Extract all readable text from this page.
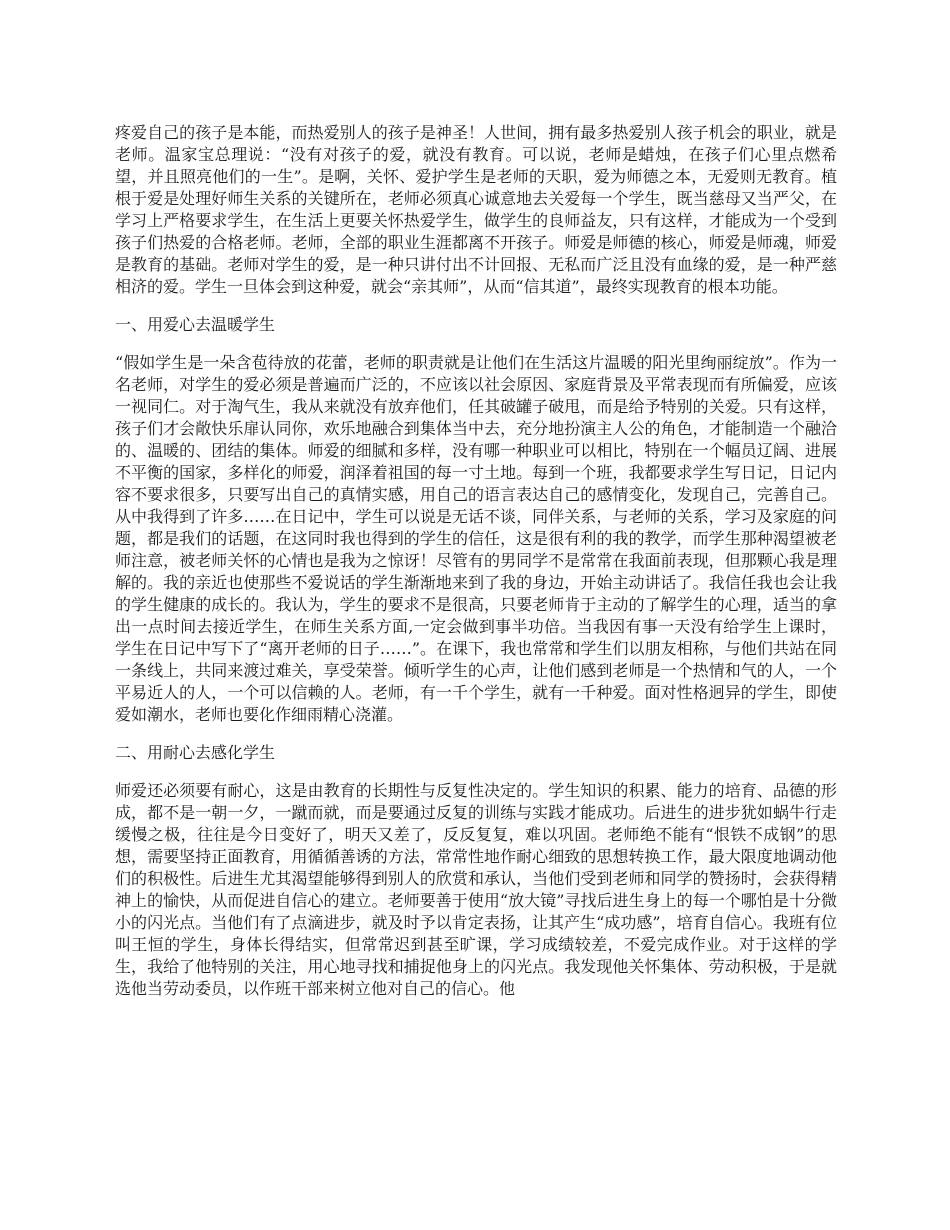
疼爱自己的孩子是本能，而热爱别人的孩子是神圣！人世间，拥有最多热爱别人孩子机会的职业，就是老师。温家宝总理说：“没有对孩子的爱，就没有教育。可以说，老师是蜡烛，在孩子们心里点燃希望，并且照亮他们的一生”。是啊，关怀、爱护学生是老师的天职，爱为师德之本，无爱则无教育。植根于爱是处理好师生关系的关键所在，老师必须真心诚意地去关爱每一个学生，既当慈母又当严父，在学习上严格要求学生，在生活上更要关怀热爱学生，做学生的良师益友，只有这样，才能成为一个受到孩子们热爱的合格老师。老师，全部的职业生涯都离不开孩子。师爱是师德的核心，师爱是师魂，师爱是教育的基础。老师对学生的爱，是一种只讲付出不计回报、无私而广泛且没有血缘的爱，是一种严慈相济的爱。学生一旦体会到这种爱，就会“亲其师”，从而“信其道”，最终实现教育的根本功能。

一、用爱心去温暖学生

“假如学生是一朵含苞待放的花蕾，老师的职责就是让他们在生活这片温暖的阳光里绚丽绽放”。作为一名老师，对学生的爱必须是普遍而广泛的，不应该以社会原因、家庭背景及平常表现而有所偏爱，应该一视同仁。对于淘气生，我从来就没有放弃他们，任其破罐子破甩，而是给予特别的关爱。只有这样，孩子们才会敞快乐扉认同你，欢乐地融合到集体当中去，充分地扮演主人公的角色，才能制造一个融洽的、温暖的、团结的集体。师爱的细腻和多样，没有哪一种职业可以相比，特别在一个幅员辽阔、进展不平衡的国家，多样化的师爱，润泽着祖国的每一寸土地。每到一个班，我都要求学生写日记，日记内容不要求很多，只要写出自己的真情实感，用自己的语言表达自己的感情变化，发现自己，完善自己。从中我得到了许多……在日记中，学生可以说是无话不谈，同伴关系，与老师的关系，学习及家庭的问题，都是我们的话题，在这同时我也得到的学生的信任，这是很有利的我的教学，而学生那种渴望被老师注意，被老师关怀的心情也是我为之惊讶！尽管有的男同学不是常常在我面前表现，但那颗心我是理解的。我的亲近也使那些不爱说话的学生渐渐地来到了我的身边，开始主动讲话了。我信任我也会让我的学生健康的成长的。我认为，学生的要求不是很高，只要老师肯于主动的了解学生的心理，适当的拿出一点时间去接近学生，在师生关系方面,一定会做到事半功倍。当我因有事一天没有给学生上课时，学生在日记中写下了“离开老师的日子……”。在课下，我也常常和学生们以朋友相称，与他们共站在同一条线上，共同来渡过难关，享受荣誉。倾听学生的心声，让他们感到老师是一个热情和气的人，一个平易近人的人，一个可以信赖的人。老师，有一千个学生，就有一千种爱。面对性格迥异的学生，即使爱如潮水，老师也要化作细雨精心浇灌。

二、用耐心去感化学生

师爱还必须要有耐心，这是由教育的长期性与反复性决定的。学生知识的积累、能力的培育、品德的形成，都不是一朝一夕，一蹴而就，而是要通过反复的训练与实践才能成功。后进生的进步犹如蜗牛行走缓慢之极，往往是今日变好了，明天又差了，反反复复，难以巩固。老师绝不能有“恨铁不成钢”的思想，需要坚持正面教育，用循循善诱的方法，常常性地作耐心细致的思想转换工作，最大限度地调动他们的积极性。后进生尤其渴望能够得到别人的欣赏和承认，当他们受到老师和同学的赞扬时，会获得精神上的愉快，从而促进自信心的建立。老师要善于使用“放大镜”寻找后进生身上的每一个哪怕是十分微小的闪光点。当他们有了点滴进步，就及时予以肯定表扬，让其产生“成功感”，培育自信心。我班有位叫王恒的学生，身体长得结实，但常常迟到甚至旷课，学习成绩较差，不爱完成作业。对于这样的学生，我给了他特别的关注，用心地寻找和捕捉他身上的闪光点。我发现他关怀集体、劳动积极，于是就选他当劳动委员，以作班干部来树立他对自己的信心。他
